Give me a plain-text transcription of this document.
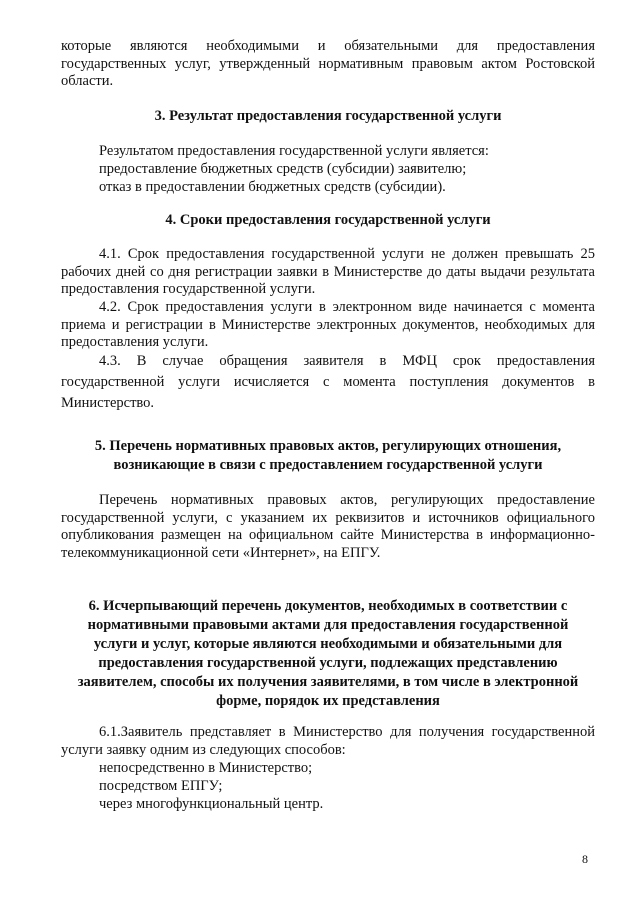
которые являются необходимыми и обязательными для предоставления государственных услуг, утвержденный нормативным правовым актом Ростовской области.

3. Результат предоставления государственной услуги

Результатом предоставления государственной услуги является:

предоставление бюджетных средств (субсидии) заявителю;

отказ в предоставлении бюджетных средств (субсидии).

4. Сроки предоставления государственной услуги

4.1. Срок предоставления государственной услуги не должен превышать 25 рабочих дней со дня регистрации заявки в Министерстве до даты выдачи результата предоставления государственной услуги.

4.2. Срок предоставления услуги в электронном виде начинается с момента приема и регистрации в Министерстве электронных документов, необходимых для предоставления услуги.

4.3. В случае обращения заявителя в МФЦ срок предоставления государственной услуги исчисляется с момента поступления документов в Министерство.

5. Перечень нормативных правовых актов, регулирующих отношения,

возникающие в связи с предоставлением государственной услуги

Перечень нормативных правовых актов, регулирующих предоставление государственной услуги, с указанием их реквизитов и источников официального опубликования размещен на официальном сайте Министерства в информационно-телекоммуникационной сети «Интернет», на ЕПГУ.

6. Исчерпывающий перечень документов, необходимых в соответствии с

нормативными правовыми актами для предоставления государственной

услуги и услуг, которые являются необходимыми и обязательными для

предоставления государственной услуги, подлежащих представлению

заявителем, способы их получения заявителями, в том числе в электронной

форме, порядок их представления

6.1.Заявитель представляет в Министерство для получения государственной услуги заявку одним из следующих способов:

непосредственно в Министерство;

посредством ЕПГУ;

через многофункциональный центр.

8
